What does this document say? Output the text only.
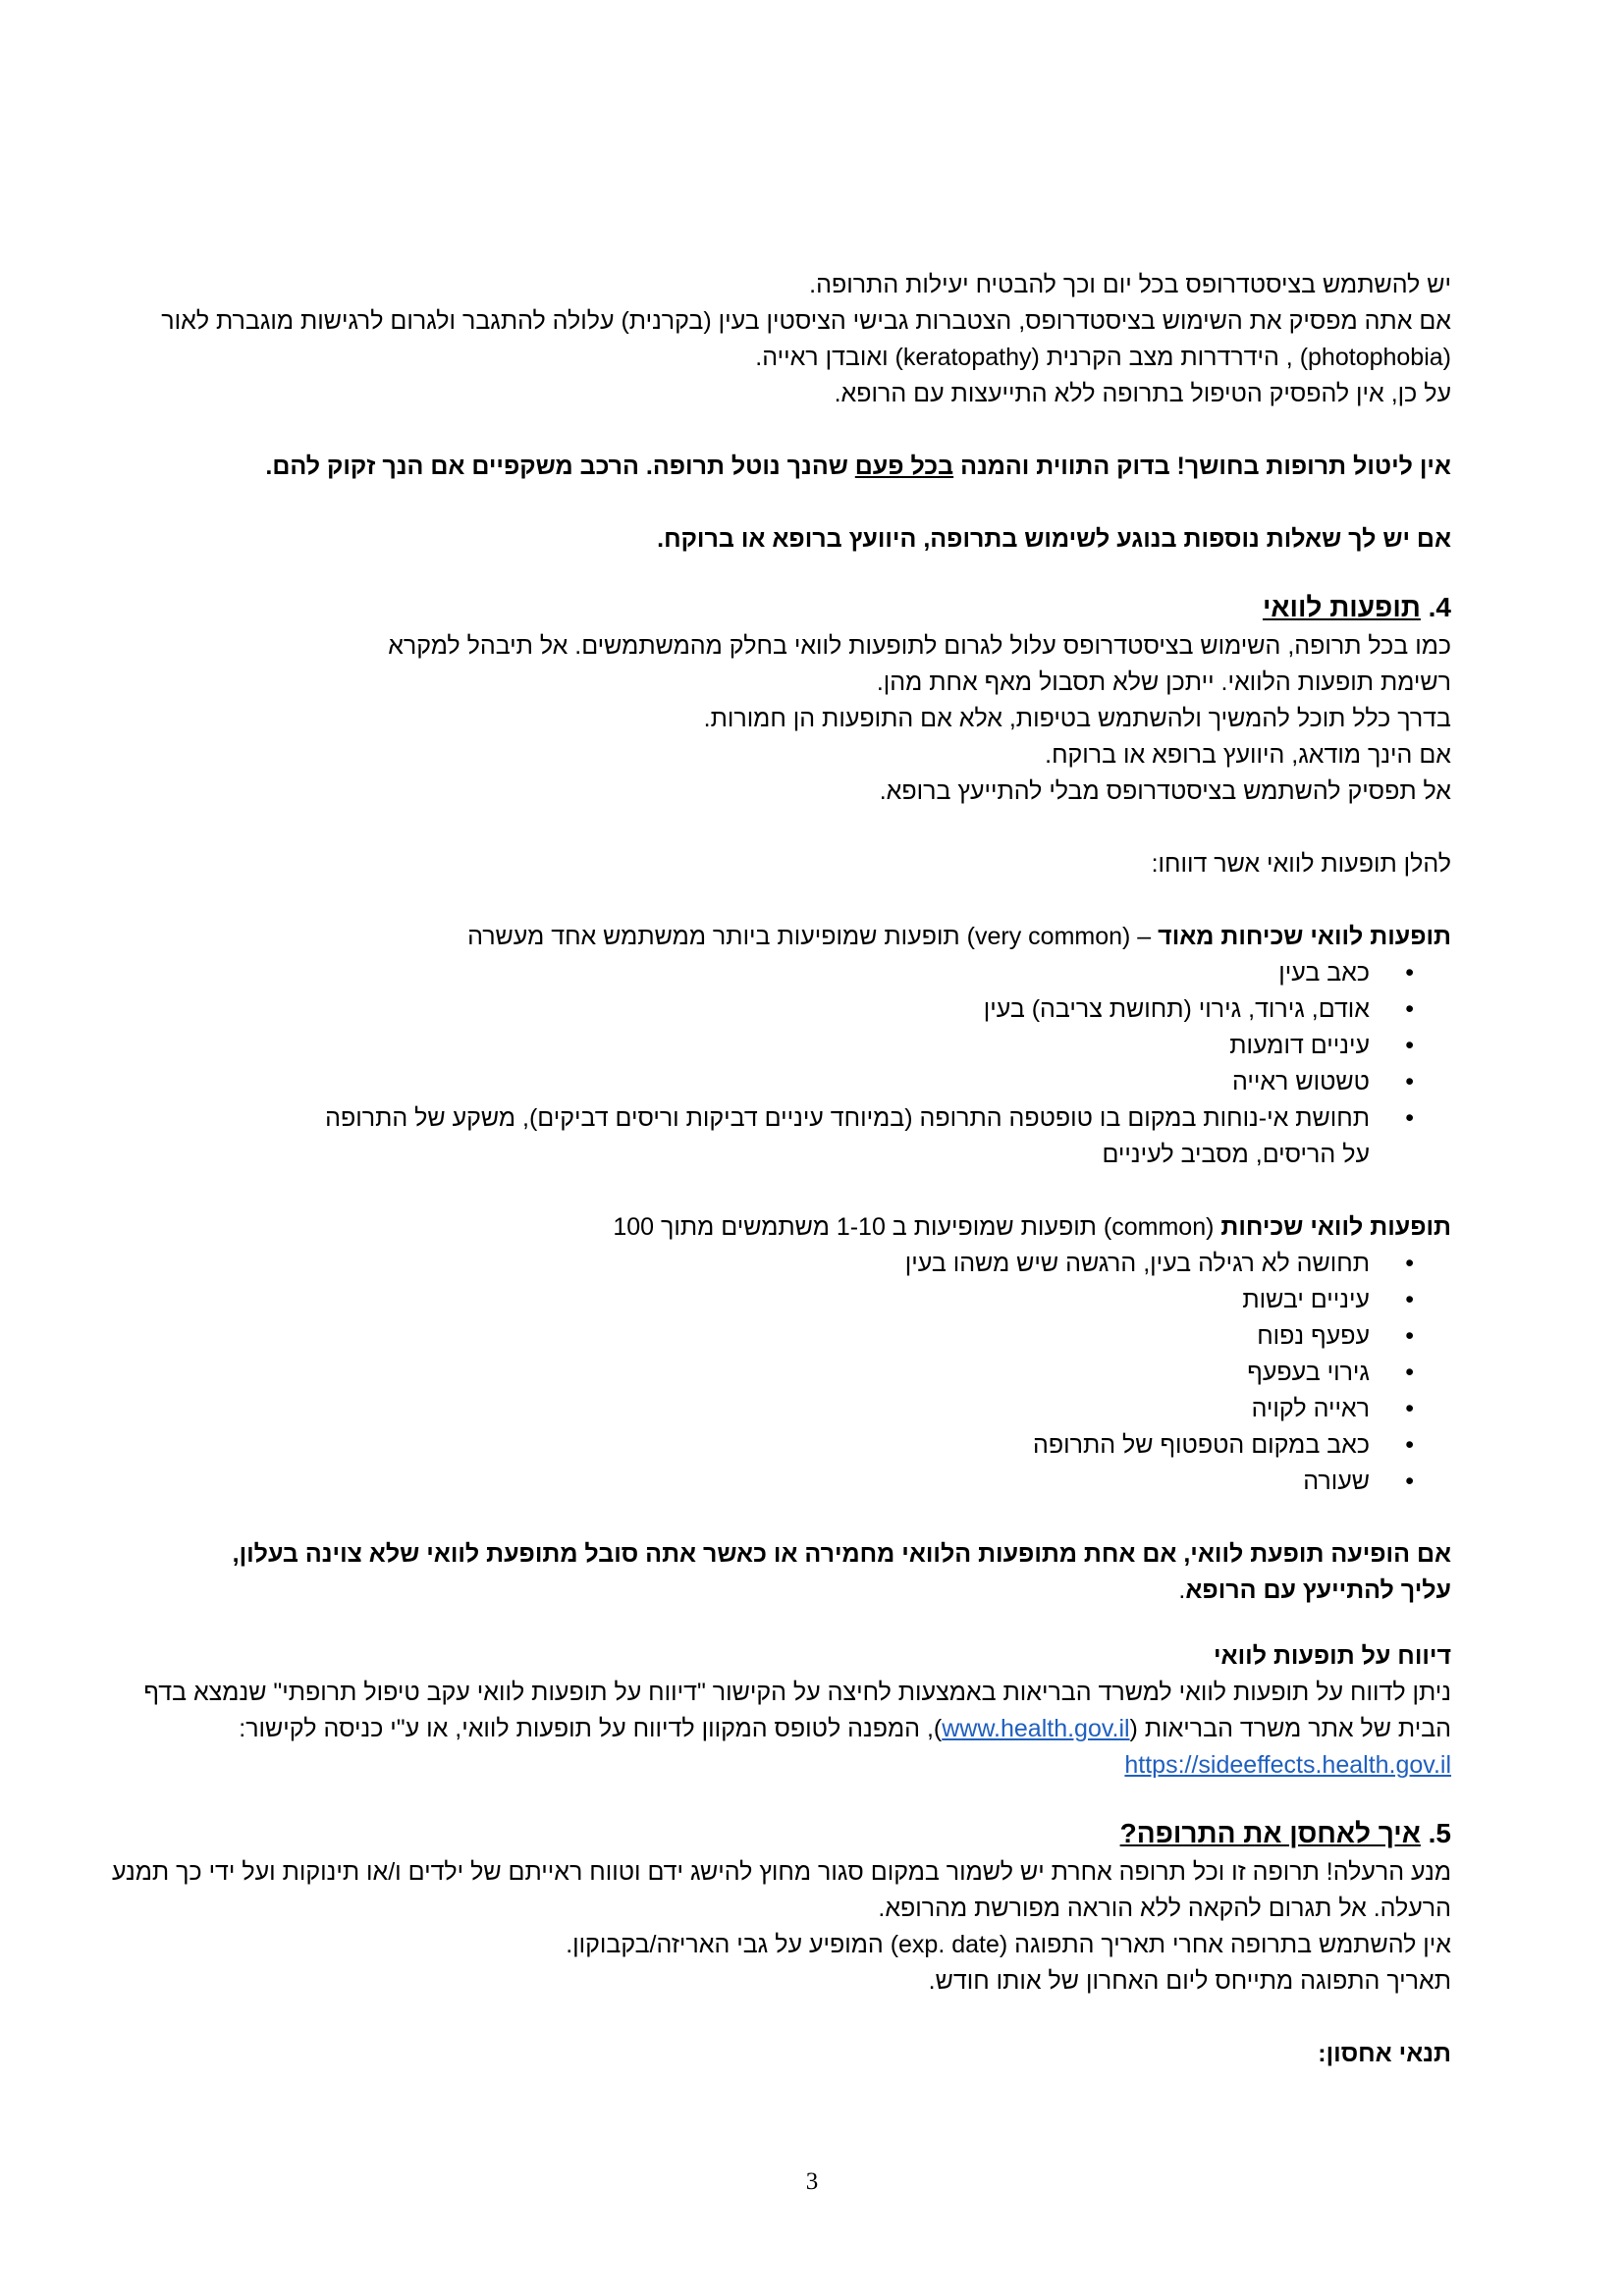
יש להשתמש בציסטדרופס בכל יום וכך להבטיח יעילות התרופה.

אם אתה מפסיק את השימוש בציסטדרופס, הצטברות גבישי הציסטין בעין (בקרנית) עלולה להתגבר ולגרום לרגישות מוגברת לאור (photophobia) , הידרדרות מצב הקרנית (keratopathy) ואובדן ראייה.

על כן, אין להפסיק הטיפול בתרופה ללא התייעצות עם הרופא.

אין ליטול תרופות בחושך! בדוק התווית והמנה בכל פעם שהנך נוטל תרופה. הרכב משקפיים אם הנך זקוק להם.

אם יש לך שאלות נוספות בנוגע לשימוש בתרופה, היוועץ ברופא או ברוקח.

4. תופעות לוואי

כמו בכל תרופה, השימוש בציסטדרופס עלול לגרום לתופעות לוואי בחלק מהמשתמשים. אל תיבהל למקרא רשימת תופעות הלוואי. ייתכן שלא תסבול מאף אחת מהן.

בדרך כלל תוכל להמשיך ולהשתמש בטיפות, אלא אם התופעות הן חמורות.

אם הינך מודאג, היוועץ ברופא או ברוקח.

אל תפסיק להשתמש בציסטדרופס מבלי להתייעץ ברופא.

להלן תופעות לוואי אשר דווחו:

תופעות לוואי שכיחות מאוד – (very common) תופעות שמופיעות ביותר ממשתמש אחד מעשרה

• כאב בעין
• אודם, גירוד, גירוי (תחושת צריבה) בעין
• עיניים דומעות
• טשטוש ראייה
• תחושת אי-נוחות במקום בו טופטפה התרופה (במיוחד עיניים דביקות וריסים דביקים), משקע של התרופה על הריסים, מסביב לעיניים

תופעות לוואי שכיחות (common) תופעות שמופיעות ב 1-10 משתמשים מתוך 100

• תחושה לא רגילה בעין, הרגשה שיש משהו בעין
• עיניים יבשות
• עפעף נפוח
• גירוי בעפעף
• ראייה לקויה
• כאב במקום הטפטוף של התרופה
• שעורה

אם הופיעה תופעת לוואי, אם אחת מתופעות הלוואי מחמירה או כאשר אתה סובל מתופעת לוואי שלא צוינה בעלון, עליך להתייעץ עם הרופא.

דיווח על תופעות לוואי

ניתן לדווח על תופעות לוואי למשרד הבריאות באמצעות לחיצה על הקישור "דיווח על תופעות לוואי עקב טיפול תרופתי" שנמצא בדף הבית של אתר משרד הבריאות (www.health.gov.il), המפנה לטופס המקוון לדיווח על תופעות לוואי, או ע"י כניסה לקישור: https://sideeffects.health.gov.il

5. איך לאחסן את התרופה?

מנע הרעלה! תרופה זו וכל תרופה אחרת יש לשמור במקום סגור מחוץ להישג ידם וטווח ראייתם של ילדים ו/או תינוקות ועל ידי כך תמנע הרעלה. אל תגרום להקאה ללא הוראה מפורשת מהרופא.

אין להשתמש בתרופה אחרי תאריך התפוגה (exp. date) המופיע על גבי האריזה/בקבוקון.

תאריך התפוגה מתייחס ליום האחרון של אותו חודש.

תנאי אחסון:

3
